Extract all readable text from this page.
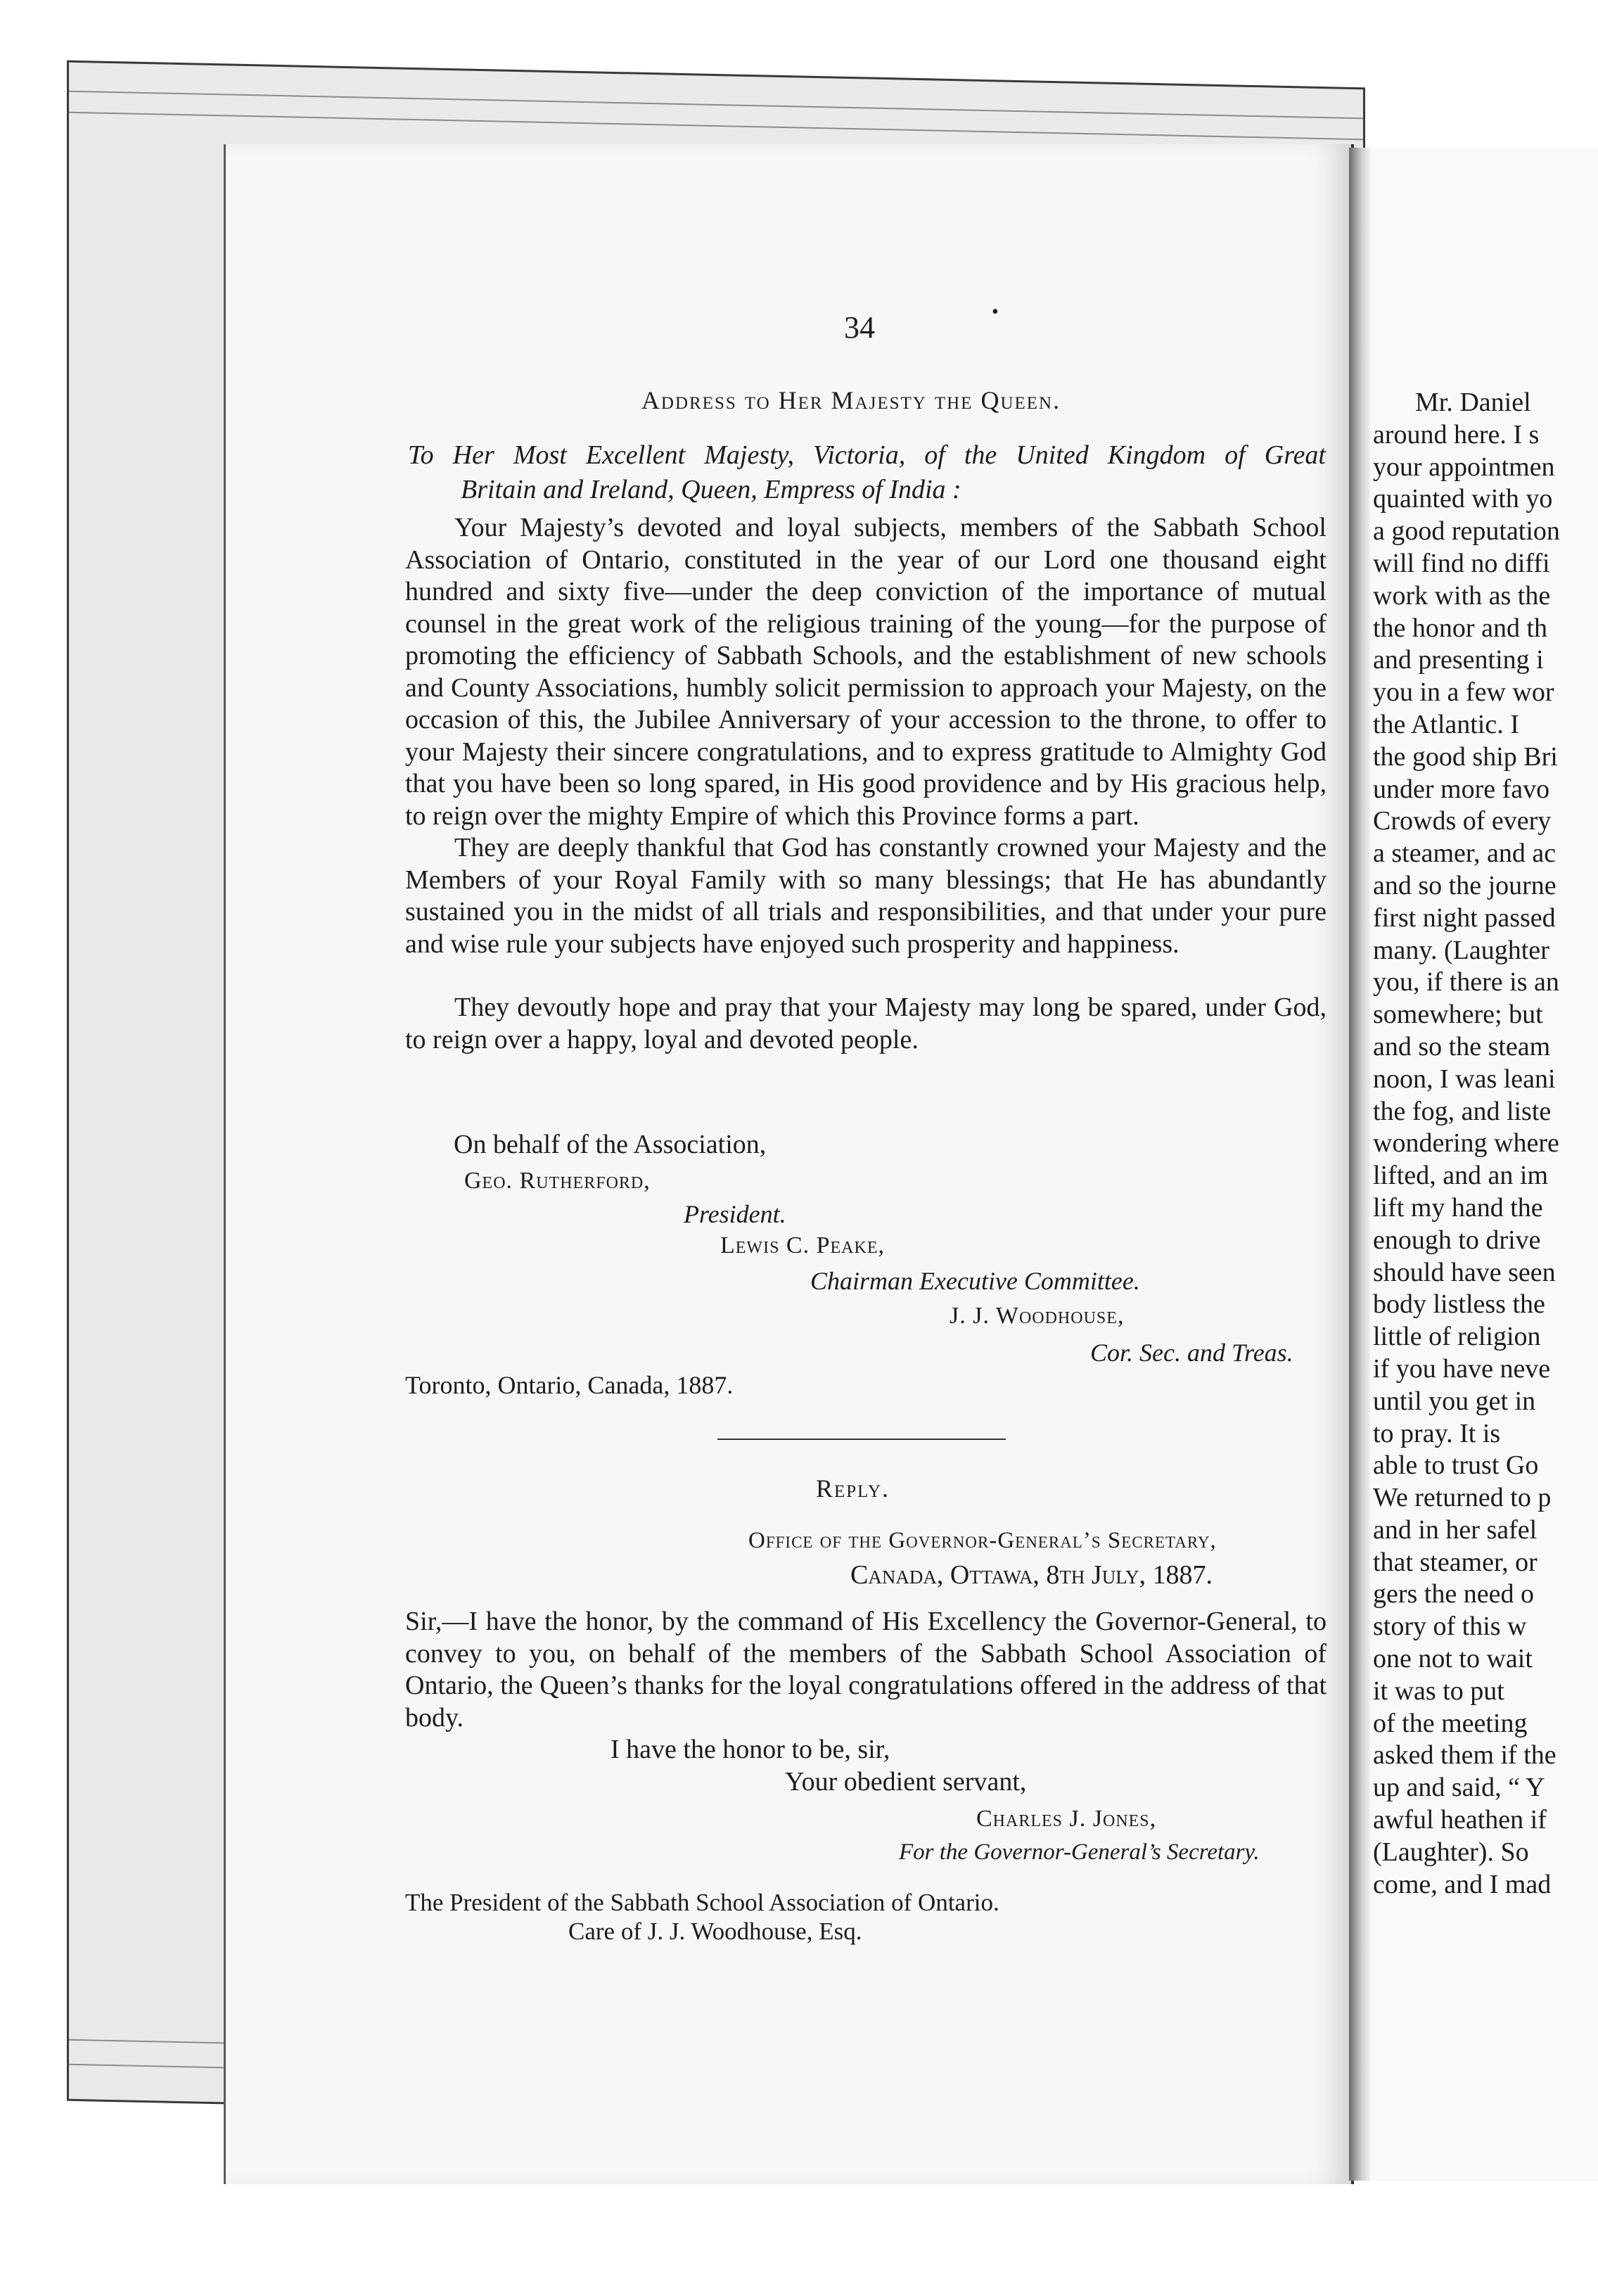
34	•
Address to Her Majesty the Queen.
To Her Most Excellent Majesty, Victoria, of the United Kingdom of Great
Britain and Ireland, Queen, Empress of India :

Your Majesty’s devoted and loyal subjects, members of the Sabbath School Association of Ontario, constituted in the year of our Lord one thousand eight hundred and sixty five—under the deep conviction of the importance of mutual counsel in the great work of the religious training of the young—for the purpose of promoting the efficiency of Sabbath Schools, and the establishment of new schools and County Associations, humbly solicit permission to approach your Majesty, on the occasion of this, the Jubilee Anniversary of your accession to the throne, to offer to your Majesty their sincere congratulations, and to express gratitude to Almighty God that you have been so long spared, in His good providence and by His gracious help, to reign over the mighty Empire of which this Province forms a part.

They are deeply thankful that God has constantly crowned your Majesty and the Members of your Royal Family with so many blessings; that He has abundantly sustained you in the midst of all trials and responsibilities, and that under your pure and wise rule your subjects have enjoyed such prosperity and happiness.

They devoutly hope and pray that your Majesty may long be spared, under God, to reign over a happy, loyal and devoted people.

On behalf of the Association,
Geo. Rutherford,
President.
Lewis C. Peake,
Chairman Executive Committee.
J. J. Woodhouse,
Cor. Sec. and Treas.
Toronto, Ontario, Canada, 1887.
Reply.
Office of the Governor-General’s Secretary,
Canada, Ottawa, 8th July, 1887.

Sir,—I have the honor, by the command of His Excellency the Governor-General, to convey to you, on behalf of the members of the Sabbath School Association of Ontario, the Queen’s thanks for the loyal congratulations offered in the address of that body.

I have the honor to be, sir,
Your obedient servant,
Charles J. Jones,
For the Governor-General’s Secretary.
The President of the Sabbath School Association of Ontario.
Care of J. J. Woodhouse, Esq.
Mr. Daniel
around here. I s
your appointmen
quainted with yo
a good reputation
will find no diffi
work with as the
the honor and th
and presenting i
you in a few wor
the Atlantic. I
the good ship Bri
under more favo
Crowds of every
a steamer, and ac
and so the journe
first night passed
many. (Laughter
you, if there is an
somewhere; but
and so the steam
noon, I was leani
the fog, and liste
wondering where
lifted, and an im
lift my hand the
enough to drive
should have seen
body listless the
little of religion
if you have neve
until you get in
to pray. It is
able to trust Go
We returned to p
and in her safel
that steamer, or
gers the need o
story of this w
one not to wait
it was to put
of the meeting
asked them if the
up and said, “ Y
awful heathen if
(Laughter). So
come, and I mad
